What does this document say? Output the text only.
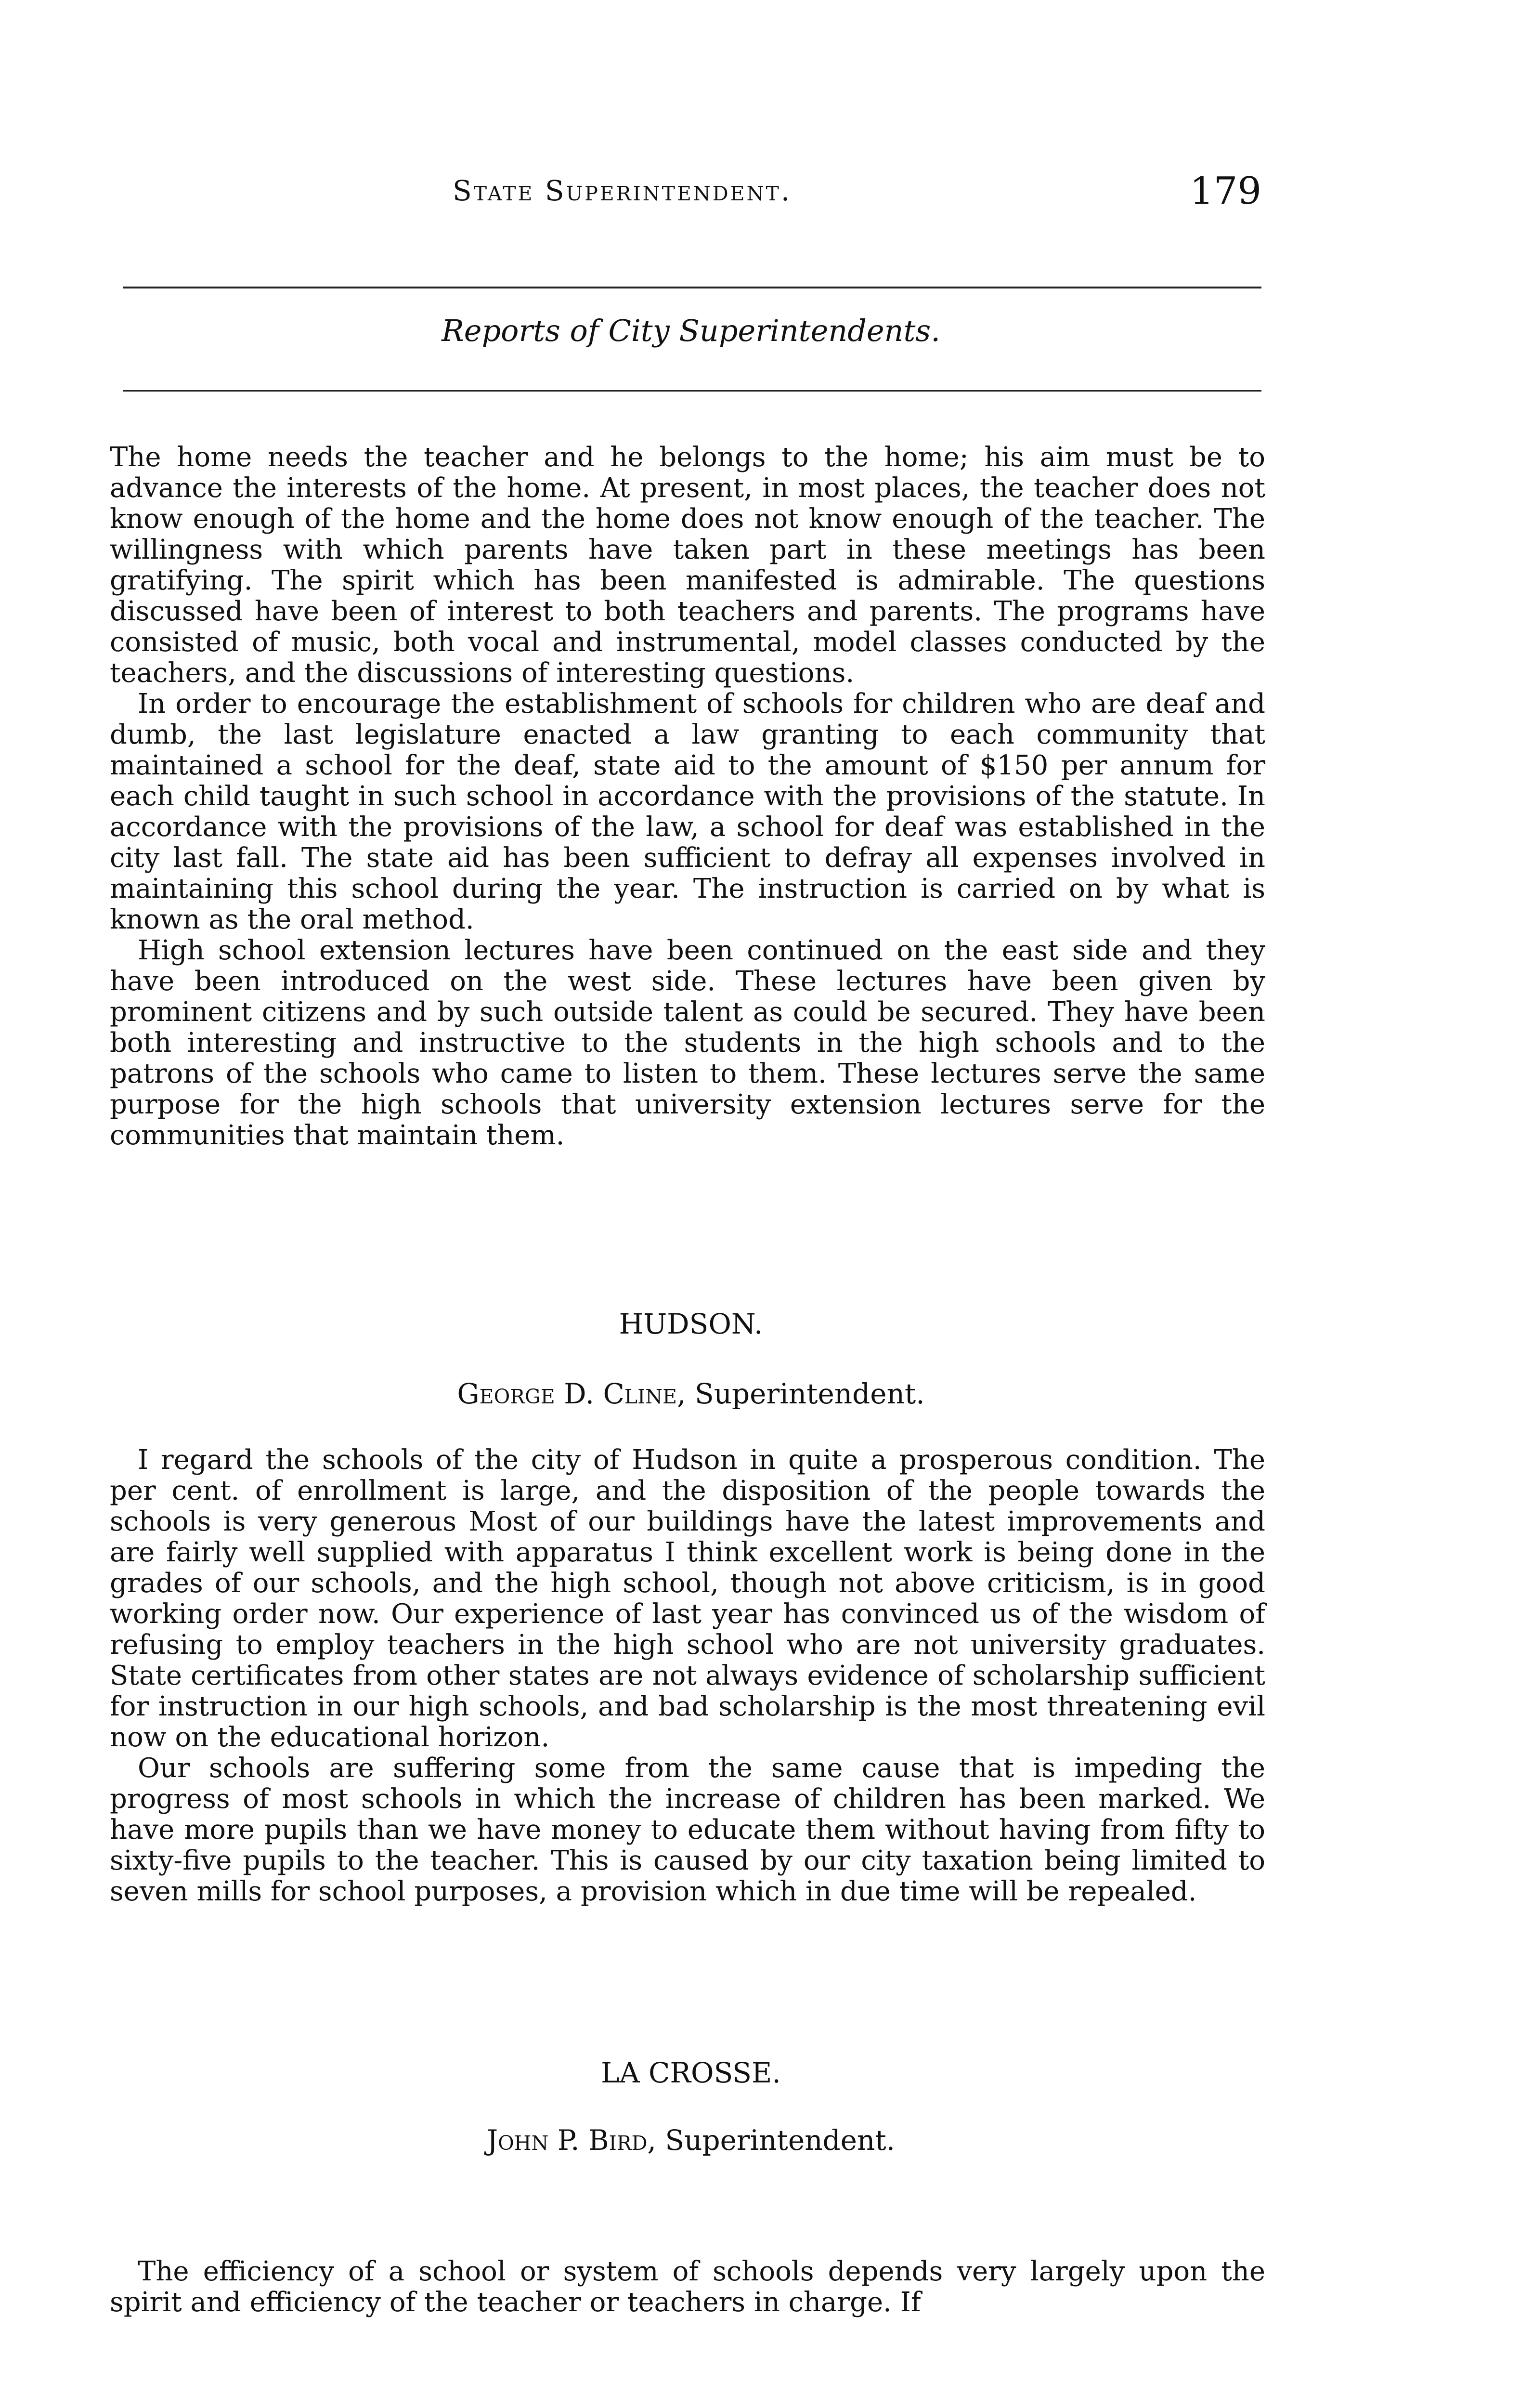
State Superintendent.	179
Reports of City Superintendents.

The home needs the teacher and he belongs to the home; his aim must be to advance the interests of the home. At present, in most places, the teacher does not know enough of the home and the home does not know enough of the teacher. The willingness with which parents have taken part in these meetings has been gratifying. The spirit which has been manifested is admirable. The questions discussed have been of interest to both teachers and parents. The programs have consisted of music, both vocal and instrumental, model classes conducted by the teachers, and the discussions of interesting questions.

In order to encourage the establishment of schools for children who are deaf and dumb, the last legislature enacted a law granting to each community that maintained a school for the deaf, state aid to the amount of $150 per annum for each child taught in such school in accordance with the provisions of the statute. In accordance with the provisions of the law, a school for deaf was established in the city last fall. The state aid has been sufficient to defray all expenses involved in maintaining this school during the year. The instruction is carried on by what is known as the oral method.

High school extension lectures have been continued on the east side and they have been introduced on the west side. These lectures have been given by prominent citizens and by such outside talent as could be secured. They have been both interesting and instructive to the students in the high schools and to the patrons of the schools who came to listen to them. These lectures serve the same purpose for the high schools that university extension lectures serve for the communities that maintain them.

HUDSON.
George D. Cline, Superintendent.

I regard the schools of the city of Hudson in quite a prosperous condition. The per cent. of enrollment is large, and the disposition of the people towards the schools is very generous Most of our buildings have the latest improvements and are fairly well supplied with apparatus I think excellent work is being done in the grades of our schools, and the high school, though not above criticism, is in good working order now. Our experience of last year has convinced us of the wisdom of refusing to employ teachers in the high school who are not university graduates. State certificates from other states are not always evidence of scholarship sufficient for instruction in our high schools, and bad scholarship is the most threatening evil now on the educational horizon.

Our schools are suffering some from the same cause that is impeding the progress of most schools in which the increase of children has been marked. We have more pupils than we have money to educate them without having from fifty to sixty-five pupils to the teacher. This is caused by our city taxation being limited to seven mills for school purposes, a provision which in due time will be repealed.

LA CROSSE.
John P. Bird, Superintendent.

The efficiency of a school or system of schools depends very largely upon the spirit and efficiency of the teacher or teachers in charge. If
